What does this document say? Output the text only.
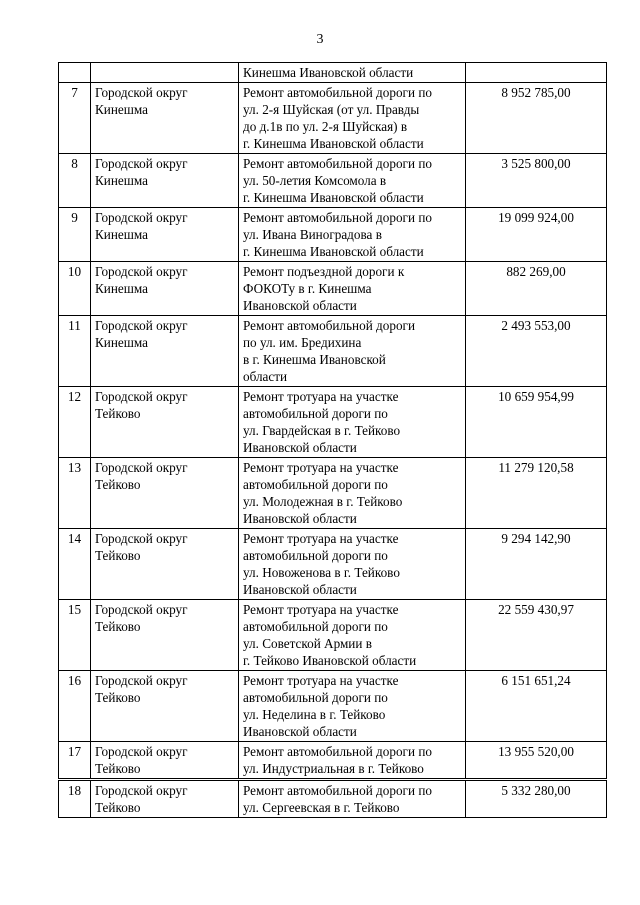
3
		Кинешма Ивановской области	
7	Городской округ
Кинешма	Ремонт автомобильной дороги по
ул. 2-я Шуйская (от ул. Правды
до д.1в по ул. 2-я Шуйская) в
г. Кинешма Ивановской области	8 952 785,00
8	Городской округ
Кинешма	Ремонт автомобильной дороги по
ул. 50-летия Комсомола в
г. Кинешма Ивановской области	3 525 800,00
9	Городской округ
Кинешма	Ремонт автомобильной дороги по
ул. Ивана Виноградова в
г. Кинешма Ивановской области	19 099 924,00
10	Городской округ
Кинешма	Ремонт подъездной дороги к
ФОКОТу в г. Кинешма
Ивановской области	882 269,00
11	Городской округ
Кинешма	Ремонт автомобильной дороги
по ул. им. Бредихина
в г. Кинешма Ивановской
области	2 493 553,00
12	Городской округ
Тейково	Ремонт тротуара на участке
автомобильной дороги по
ул. Гвардейская в г. Тейково
Ивановской области	10 659 954,99
13	Городской округ
Тейково	Ремонт тротуара на участке
автомобильной дороги по
ул. Молодежная в г. Тейково
Ивановской области	11 279 120,58
14	Городской округ
Тейково	Ремонт тротуара на участке
автомобильной дороги по
ул. Новоженова в г. Тейково
Ивановской области	9 294 142,90
15	Городской округ
Тейково	Ремонт тротуара на участке
автомобильной дороги по
ул. Советской Армии в
г. Тейково Ивановской области	22 559 430,97
16	Городской округ
Тейково	Ремонт тротуара на участке
автомобильной дороги по
ул. Неделина в г. Тейково
Ивановской области	6 151 651,24
17	Городской округ
Тейково	Ремонт автомобильной дороги по
ул. Индустриальная в г. Тейково	13 955 520,00
18	Городской округ
Тейково	Ремонт автомобильной дороги по
ул. Сергеевская в г. Тейково	5 332 280,00
